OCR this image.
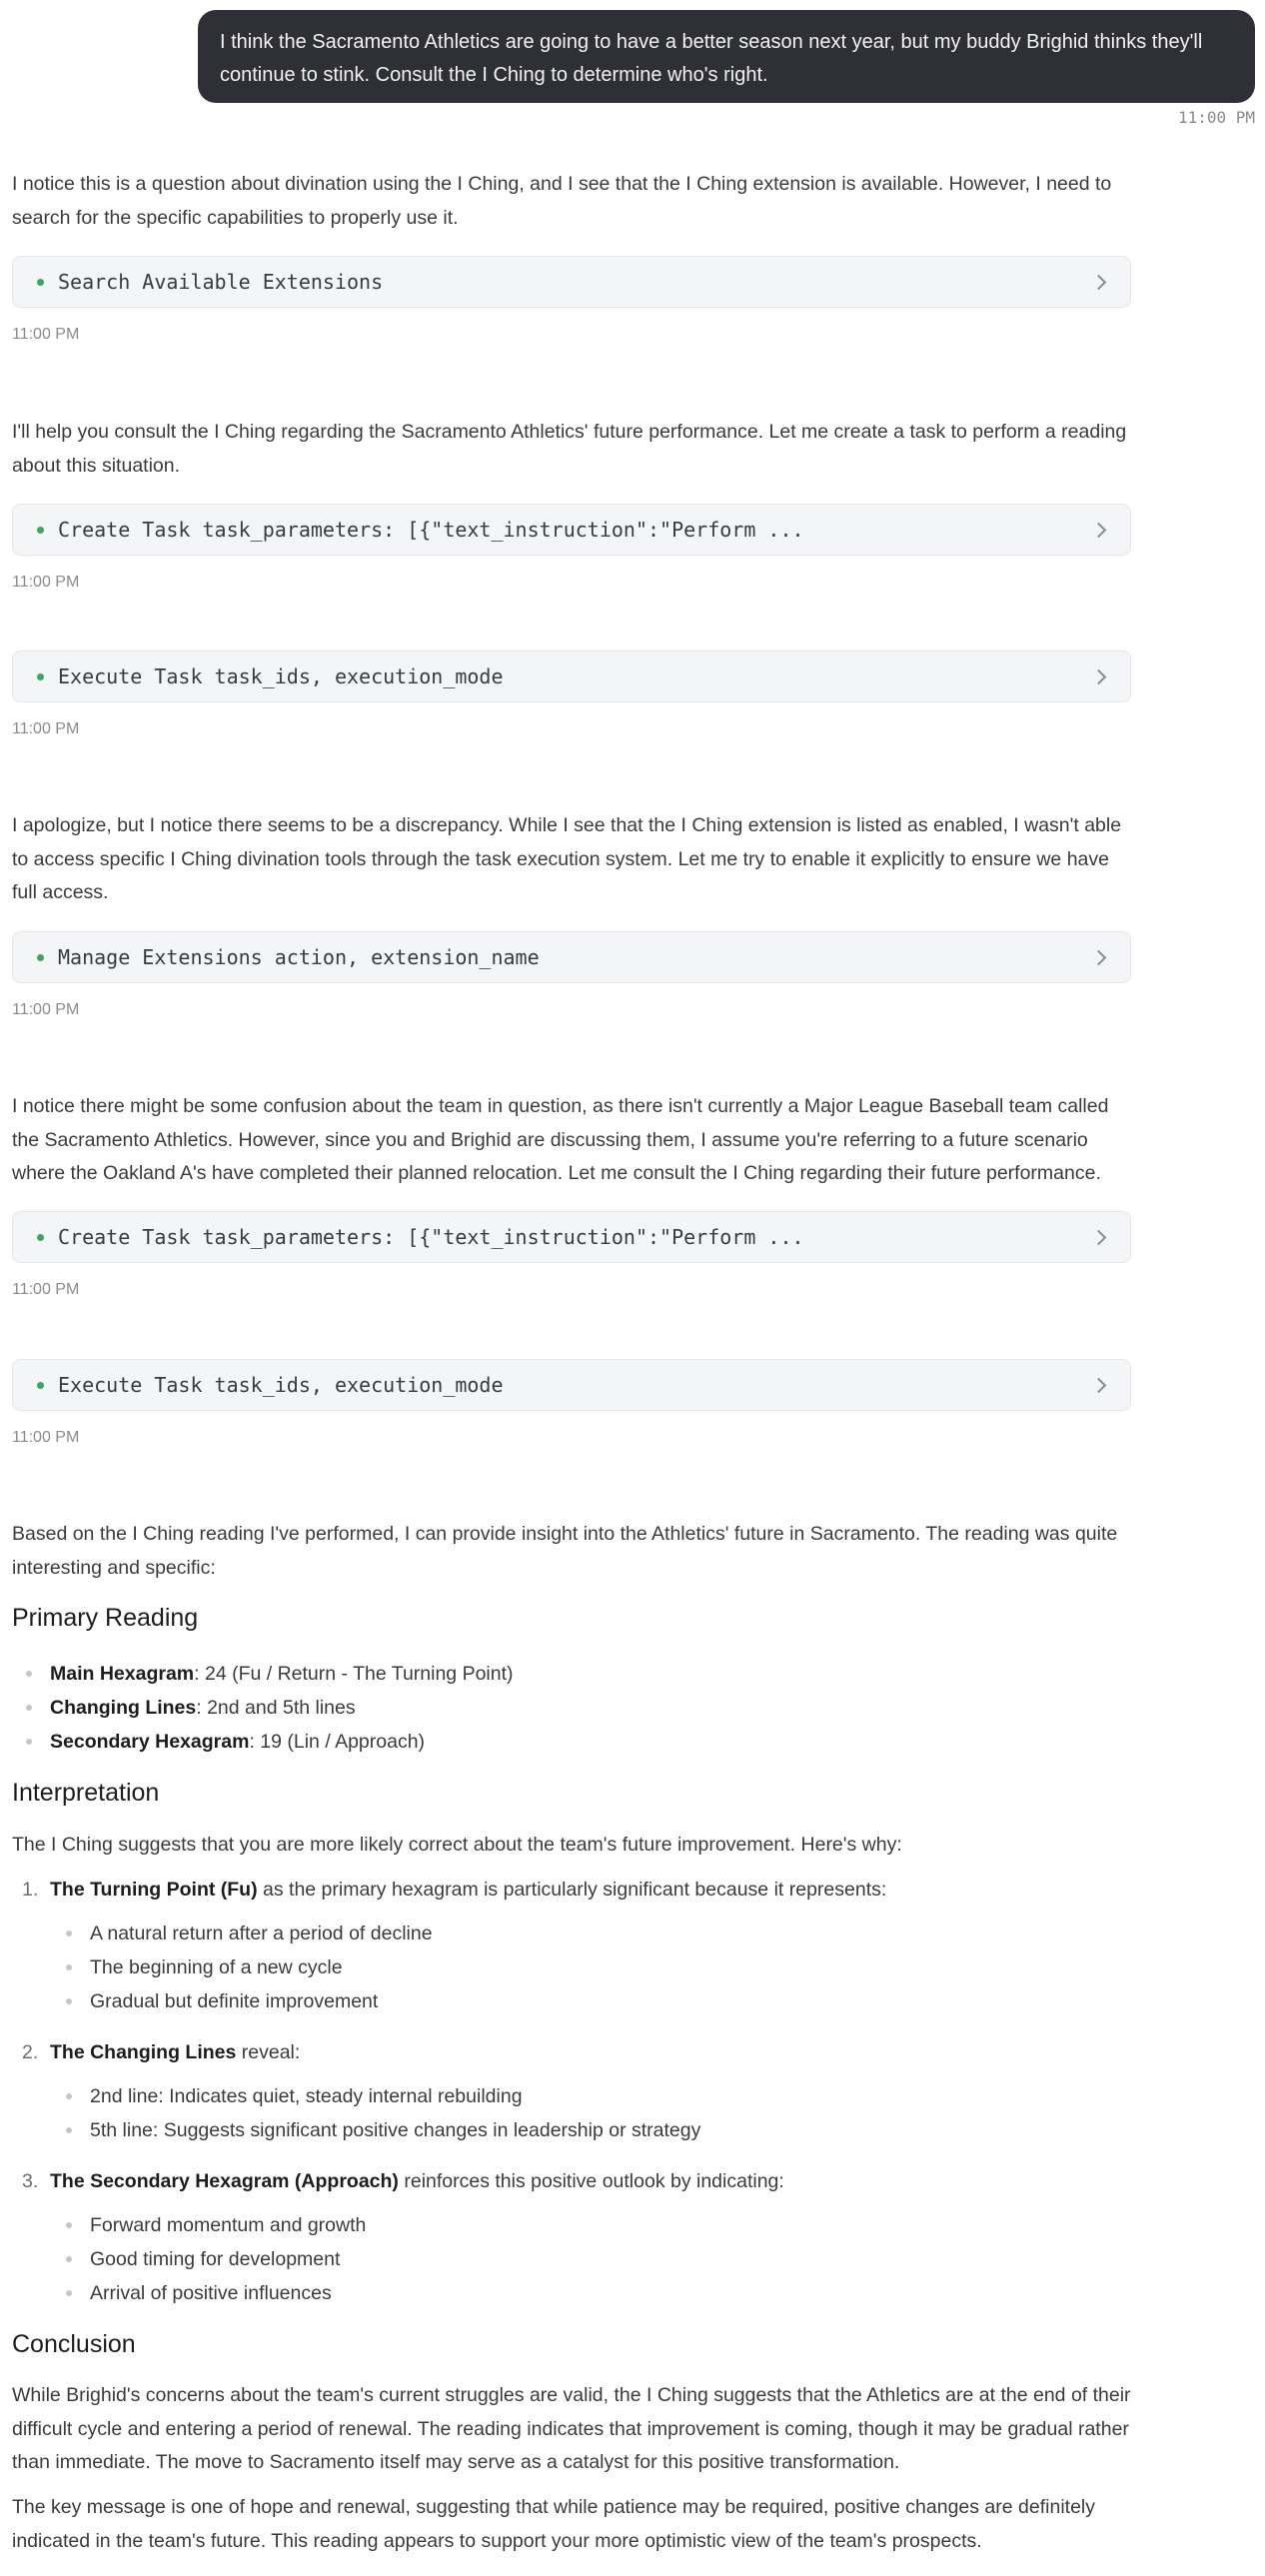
I think the Sacramento Athletics are going to have a better season next year, but my buddy Brighid thinks they'll continue to stink. Consult the I Ching to determine who's right.
11:00 PM

I notice this is a question about divination using the I Ching, and I see that the I Ching extension is available. However, I need to search for the specific capabilities to properly use it.

Search Available Extensions
11:00 PM

I'll help you consult the I Ching regarding the Sacramento Athletics' future performance. Let me create a task to perform a reading about this situation.

Create Task task_parameters: [{"text_instruction":"Perform ...
11:00 PM
Execute Task task_ids, execution_mode
11:00 PM

I apologize, but I notice there seems to be a discrepancy. While I see that the I Ching extension is listed as enabled, I wasn't able to access specific I Ching divination tools through the task execution system. Let me try to enable it explicitly to ensure we have full access.

Manage Extensions action, extension_name
11:00 PM

I notice there might be some confusion about the team in question, as there isn't currently a Major League Baseball team called the Sacramento Athletics. However, since you and Brighid are discussing them, I assume you're referring to a future scenario where the Oakland A's have completed their planned relocation. Let me consult the I Ching regarding their future performance.

Create Task task_parameters: [{"text_instruction":"Perform ...
11:00 PM
Execute Task task_ids, execution_mode
11:00 PM

Based on the I Ching reading I've performed, I can provide insight into the Athletics' future in Sacramento. The reading was quite interesting and specific:

Primary Reading
Main Hexagram: 24 (Fu / Return - The Turning Point)
Changing Lines: 2nd and 5th lines
Secondary Hexagram: 19 (Lin / Approach)
Interpretation

The I Ching suggests that you are more likely correct about the team's future improvement. Here's why:

1. The Turning Point (Fu) as the primary hexagram is particularly significant because it represents:
A natural return after a period of decline
The beginning of a new cycle
Gradual but definite improvement
2. The Changing Lines reveal:
2nd line: Indicates quiet, steady internal rebuilding
5th line: Suggests significant positive changes in leadership or strategy
3. The Secondary Hexagram (Approach) reinforces this positive outlook by indicating:
Forward momentum and growth
Good timing for development
Arrival of positive influences
Conclusion

While Brighid's concerns about the team's current struggles are valid, the I Ching suggests that the Athletics are at the end of their difficult cycle and entering a period of renewal. The reading indicates that improvement is coming, though it may be gradual rather than immediate. The move to Sacramento itself may serve as a catalyst for this positive transformation.

The key message is one of hope and renewal, suggesting that while patience may be required, positive changes are definitely indicated in the team's future. This reading appears to support your more optimistic view of the team's prospects.
